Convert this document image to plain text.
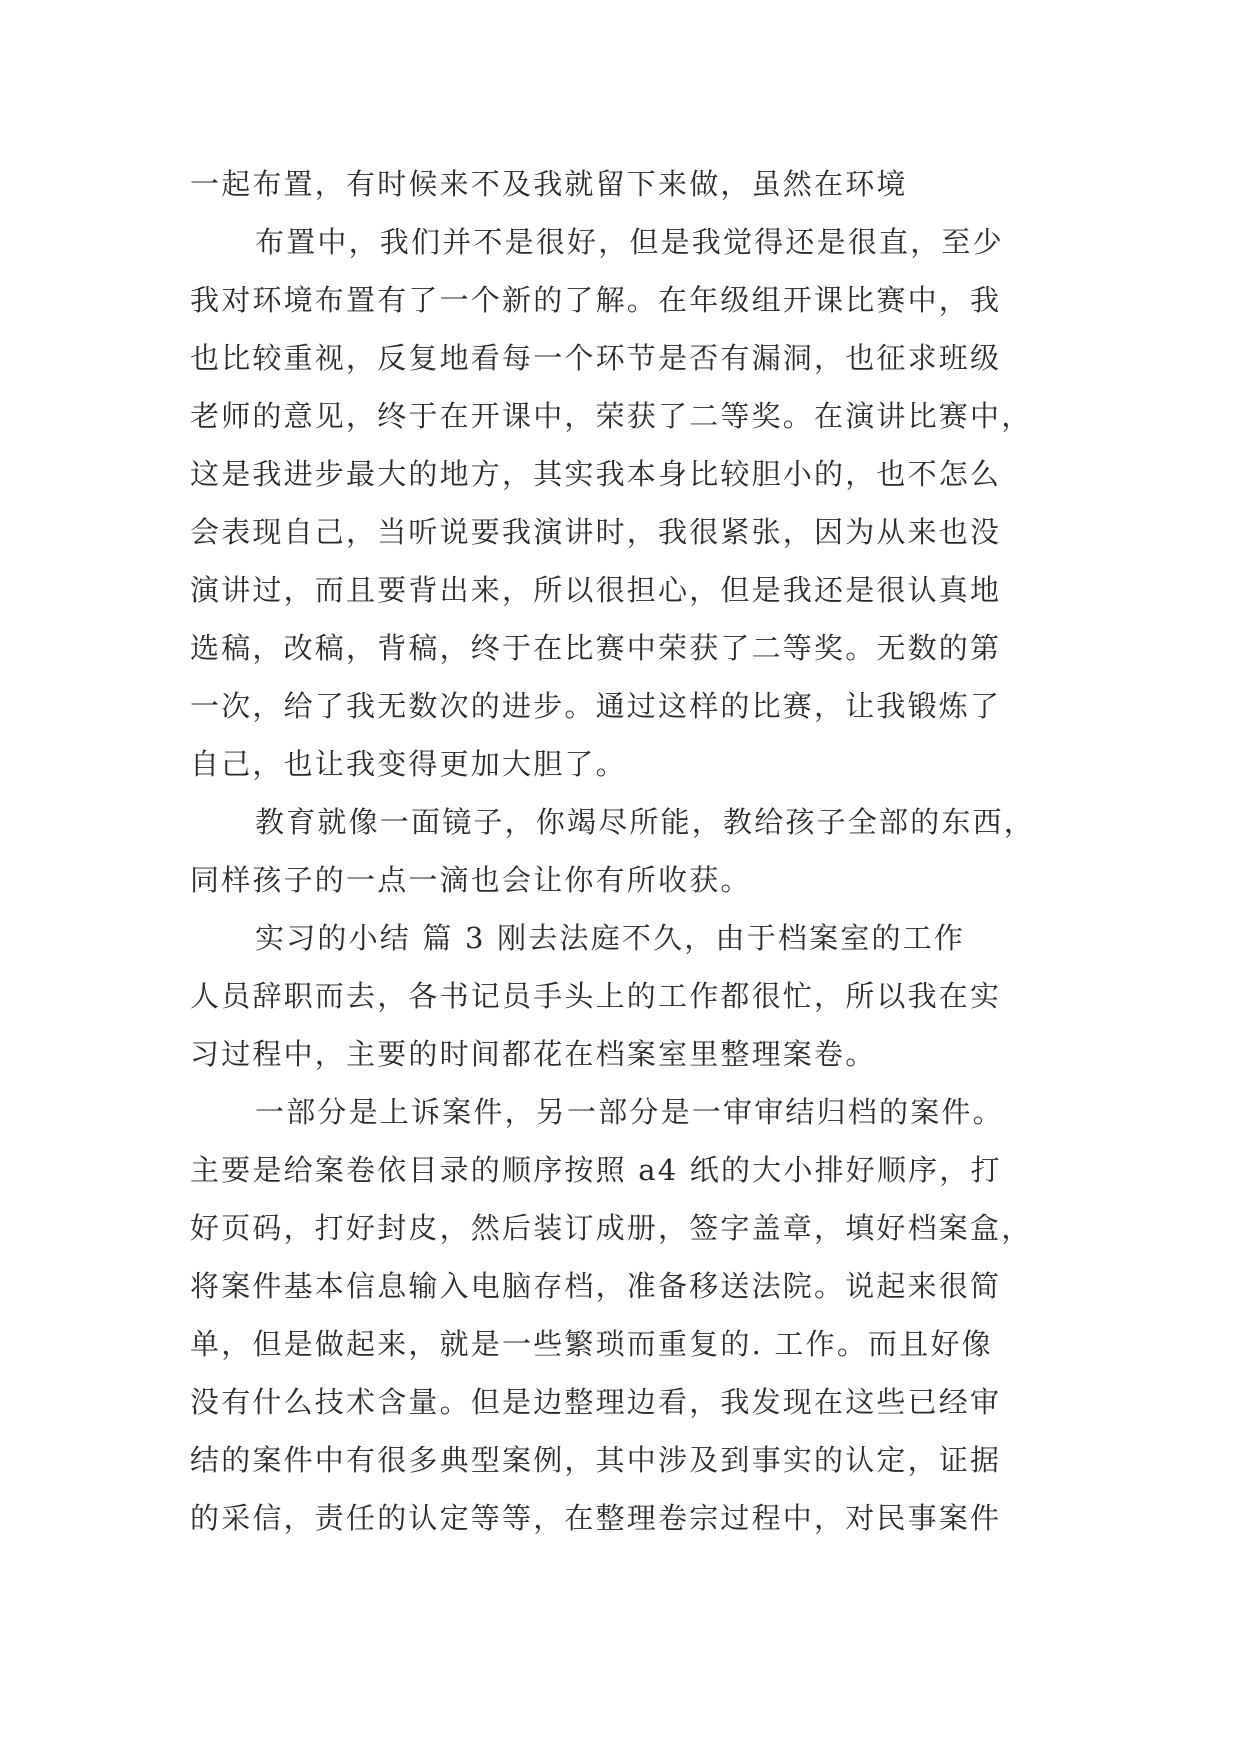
一起布置，有时候来不及我就留下来做，虽然在环境
布置中，我们并不是很好，但是我觉得还是很直，至少
我对环境布置有了一个新的了解。在年级组开课比赛中，我
也比较重视，反复地看每一个环节是否有漏洞，也征求班级
老师的意见，终于在开课中，荣获了二等奖。在演讲比赛中，
这是我进步最大的地方，其实我本身比较胆小的，也不怎么
会表现自己，当听说要我演讲时，我很紧张，因为从来也没
演讲过，而且要背出来，所以很担心，但是我还是很认真地
选稿，改稿，背稿，终于在比赛中荣获了二等奖。无数的第
一次，给了我无数次的进步。通过这样的比赛，让我锻炼了
自己，也让我变得更加大胆了。
教育就像一面镜子，你竭尽所能，教给孩子全部的东西，
同样孩子的一点一滴也会让你有所收获。
实习的小结 篇 3 刚去法庭不久，由于档案室的工作
人员辞职而去，各书记员手头上的工作都很忙，所以我在实
习过程中，主要的时间都花在档案室里整理案卷。
一部分是上诉案件，另一部分是一审审结归档的案件。
主要是给案卷依目录的顺序按照 a4 纸的大小排好顺序，打
好页码，打好封皮，然后装订成册，签字盖章，填好档案盒，
将案件基本信息输入电脑存档，准备移送法院。说起来很简
单，但是做起来，就是一些繁琐而重复的. 工作。而且好像
没有什么技术含量。但是边整理边看，我发现在这些已经审
结的案件中有很多典型案例，其中涉及到事实的认定，证据
的采信，责任的认定等等，在整理卷宗过程中，对民事案件
